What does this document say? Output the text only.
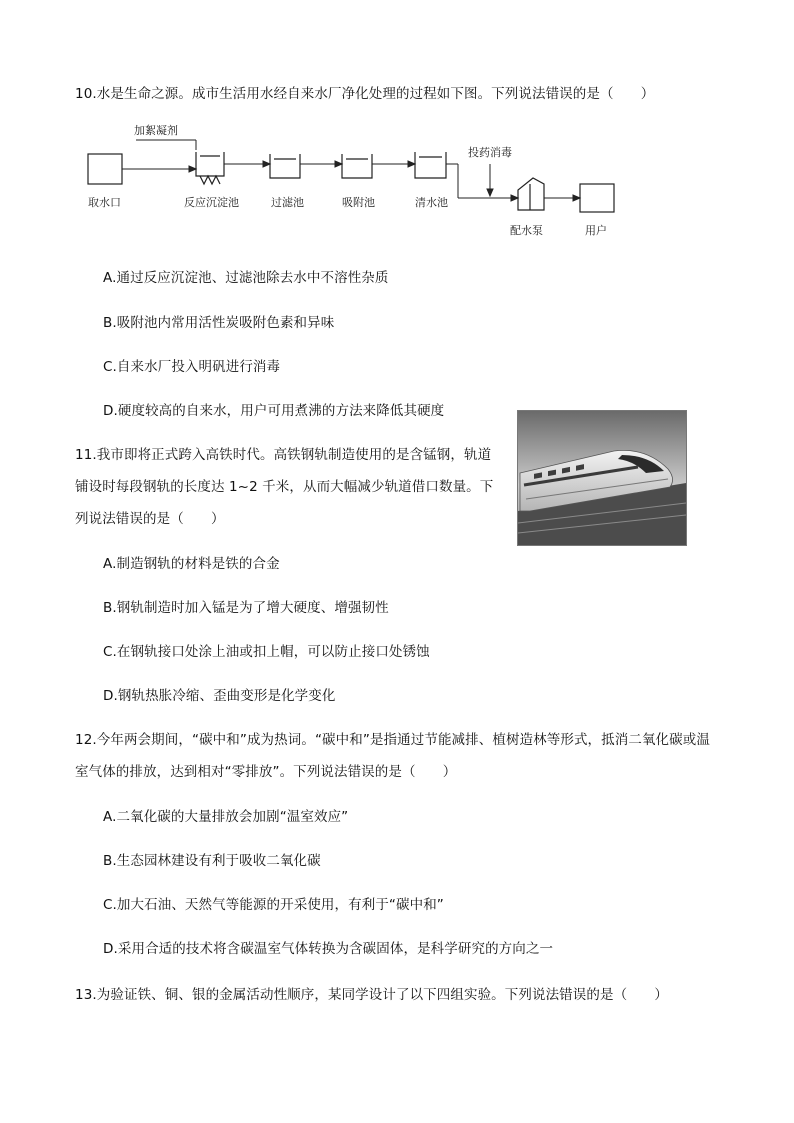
10.水是生命之源。成市生活用水经自来水厂净化处理的过程如下图。下列说法错误的是（　　）
加絮凝剂
投药消毒
取水口	反应沉淀池	过滤池	吸附池	清水池
配水泵	用户
A.通过反应沉淀池、过滤池除去水中不溶性杂质
B.吸附池内常用活性炭吸附色素和异味
C.自来水厂投入明矾进行消毒
D.硬度较高的自来水，用户可用煮沸的方法来降低其硬度
11.我市即将正式跨入高铁时代。高铁钢轨制造使用的是含锰钢，轨道
铺设时每段钢轨的长度达 1~2 千米，从而大幅减少轨道借口数量。下
列说法错误的是（　　）
A.制造钢轨的材料是铁的合金
B.钢轨制造时加入锰是为了增大硬度、增强韧性
C.在钢轨接口处涂上油或扣上帽，可以防止接口处锈蚀
D.钢轨热胀冷缩、歪曲变形是化学变化
12.今年两会期间，“碳中和”成为热词。“碳中和”是指通过节能减排、植树造林等形式，抵消二氧化碳或温
室气体的排放，达到相对“零排放”。下列说法错误的是（　　）
A.二氧化碳的大量排放会加剧“温室效应”
B.生态园林建设有利于吸收二氧化碳
C.加大石油、天然气等能源的开采使用，有利于“碳中和”
D.采用合适的技术将含碳温室气体转换为含碳固体，是科学研究的方向之一
13.为验证铁、铜、银的金属活动性顺序，某同学设计了以下四组实验。下列说法错误的是（　　）
